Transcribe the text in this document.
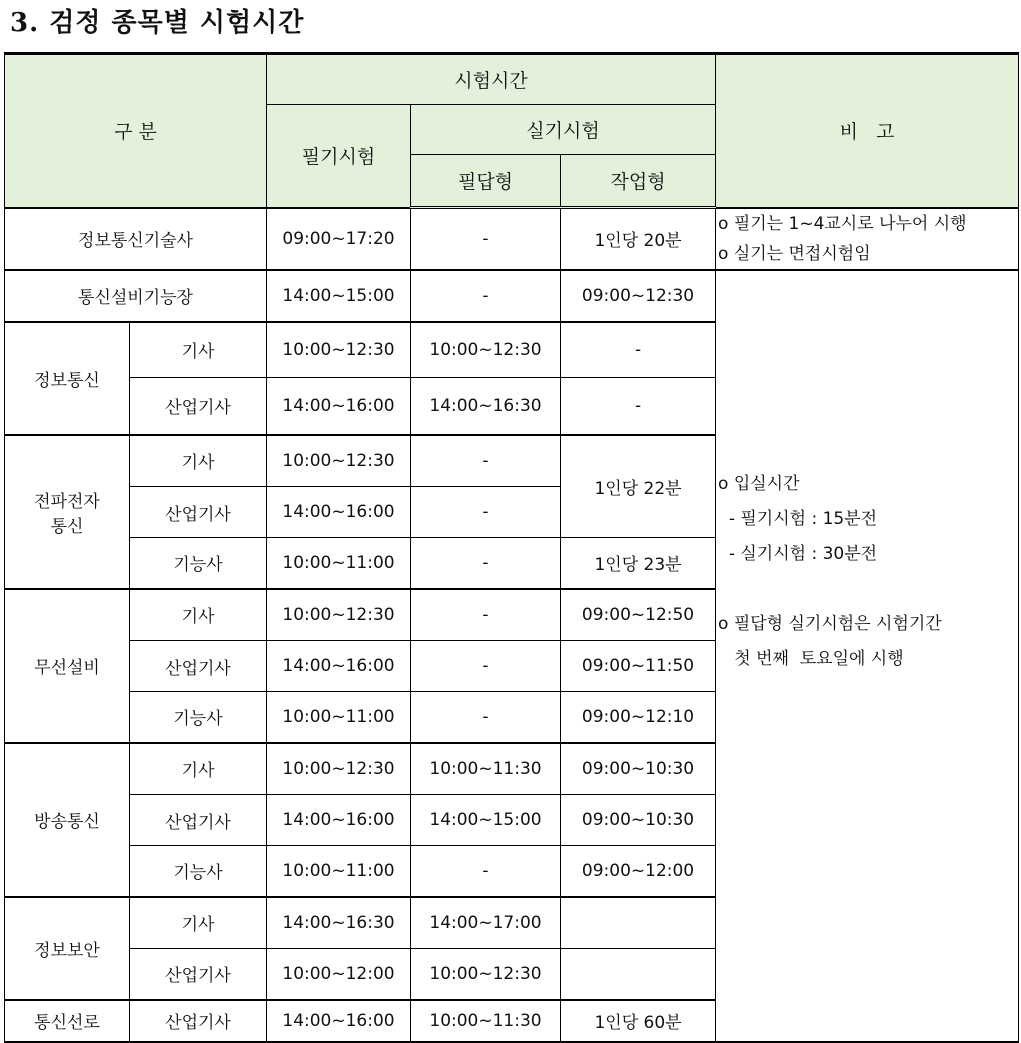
3. 검정 종목별 시험시간
구 분		시험시간			비   고
		필기시험	실기시험		
			필답형	작업형	
정보통신기술사		09:00~17:20	-	1인당 20분	o 필기는 1~4교시로 나누어 시행
o 실기는 면접시험임

통신설비기능장		14:00~15:00	-	09:00~12:30	o 입실시간
- 필기시험 : 15분전
- 실기시험 : 30분전

o 필답형 실기시험은 시험기간
첫 번째  토요일에 시행

정보통신	기사	10:00~12:30	10:00~12:30	-	
	산업기사	14:00~16:00	14:00~16:30	-	
전파전자
통신	기사	10:00~12:30	-	1인당 22분	
	산업기사	14:00~16:00	-		
	기능사	10:00~11:00	-	1인당 23분	
무선설비	기사	10:00~12:30	-	09:00~12:50	
	산업기사	14:00~16:00	-	09:00~11:50	
	기능사	10:00~11:00	-	09:00~12:10	
방송통신	기사	10:00~12:30	10:00~11:30	09:00~10:30	
	산업기사	14:00~16:00	14:00~15:00	09:00~10:30	
	기능사	10:00~11:00	-	09:00~12:00	
정보보안	기사	14:00~16:30	14:00~17:00		
	산업기사	10:00~12:00	10:00~12:30		
통신선로	산업기사	14:00~16:00	10:00~11:30	1인당 60분	
